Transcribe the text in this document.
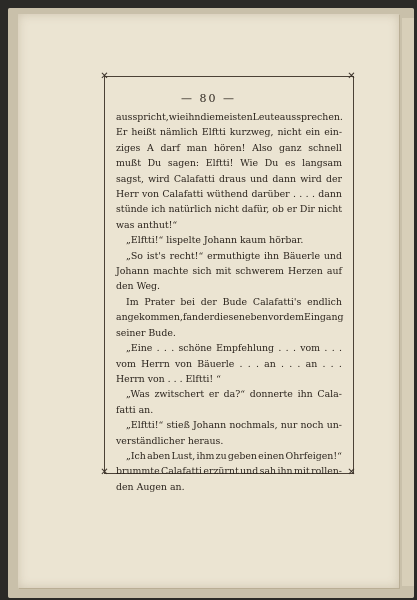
✕	✕
✕	✕
— 80 —
ausspricht, wie ihn die meisten Leute aussprechen.
Er heißt nämlich Elftti kurzweg, nicht ein ein-
ziges A darf man hören! Also ganz schnell
mußt Du sagen: Elftti! Wie Du es langsam
sagst, wird Calafatti draus und dann wird der
Herr von Calafatti wüthend darüber . . . . dann
stünde ich natürlich nicht dafür, ob er Dir nicht
was anthut!“
„Elftti!“ lispelte Johann kaum hörbar.
„So ist's recht!“ ermuthigte ihn Bäuerle und
Johann machte sich mit schwerem Herzen auf
den Weg.
Im Prater bei der Bude Calafatti's endlich
angekommen, fand er diesen eben vor dem Eingang
seiner Bude.
„Eine . . . schöne Empfehlung . . . vom . . .
vom Herrn von Bäuerle . . . an . . . an . . .
Herrn von . . . Elftti! “
„Was zwitschert er da?“ donnerte ihn Cala-
fatti an.
„Elftti!“ stieß Johann nochmals, nur noch un-
verständlicher heraus.
„Ich aben Lust, ihm zu geben einen Ohrfeigen!“
brummte Calafatti erzürnt und sah ihn mit rollen-
den Augen an.
